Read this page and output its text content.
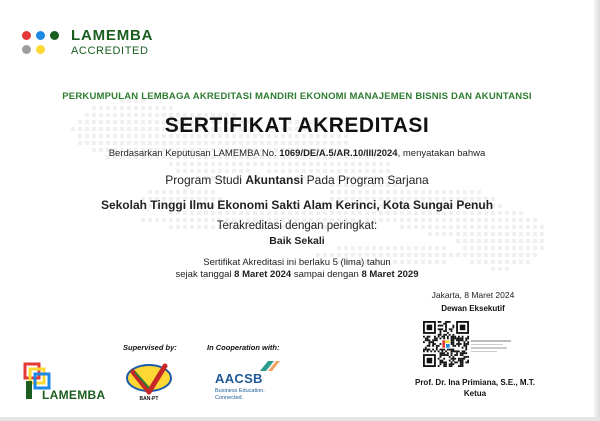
LAMEMBA
ACCREDITED
PERKUMPULAN LEMBAGA AKREDITASI MANDIRI EKONOMI MANAJEMEN BISNIS DAN AKUNTANSI
SERTIFIKAT AKREDITASI
Berdasarkan Keputusan LAMEMBA No. 1069/DE/A.5/AR.10/III/2024, menyatakan bahwa
Program Studi Akuntansi Pada Program Sarjana
Sekolah Tinggi Ilmu Ekonomi Sakti Alam Kerinci, Kota Sungai Penuh
Terakreditasi dengan peringkat:
Baik Sekali
Sertifikat Akreditasi ini berlaku 5 (lima) tahun
sejak tanggal 8 Maret 2024 sampai dengan 8 Maret 2029
Jakarta, 8 Maret 2024
Dewan Eksekutif
Prof. Dr. Ina Primiana, S.E., M.T.
Ketua
Supervised by:	In Cooperation with:
LAMEMBA	BAN-PT
AACSB
Business Education.
Connected.
